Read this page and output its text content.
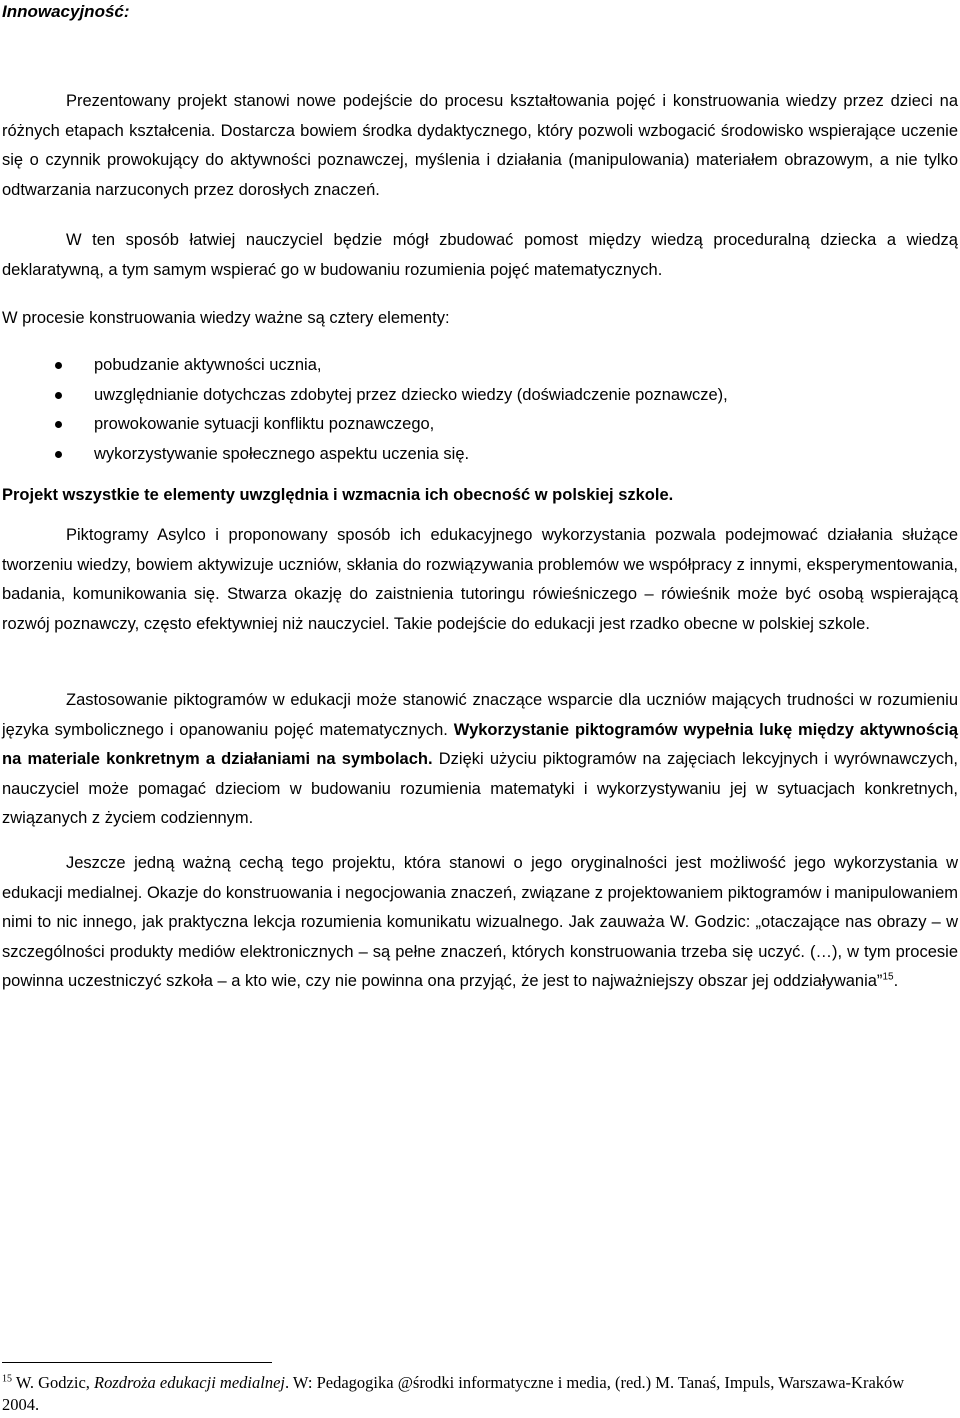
Innowacyjność:

Prezentowany projekt stanowi nowe podejście do procesu kształtowania pojęć i konstruowania wiedzy przez dzieci na różnych etapach kształcenia. Dostarcza bowiem środka dydaktycznego, który pozwoli wzbogacić środowisko wspierające uczenie się o czynnik prowokujący do aktywności poznawczej, myślenia i działania (manipulowania) materiałem obrazowym, a nie tylko odtwarzania narzuconych przez dorosłych znaczeń.

W ten sposób łatwiej nauczyciel będzie mógł zbudować pomost między wiedzą proceduralną dziecka a wiedzą deklaratywną, a tym samym wspierać go w budowaniu rozumienia pojęć matematycznych.

W procesie konstruowania wiedzy ważne są cztery elementy:

pobudzanie aktywności ucznia,
uwzględnianie dotychczas zdobytej przez dziecko wiedzy (doświadczenie poznawcze),
prowokowanie sytuacji konfliktu poznawczego,
wykorzystywanie społecznego aspektu uczenia się.

Projekt wszystkie te elementy uwzględnia i wzmacnia ich obecność w polskiej szkole.

Piktogramy Asylco i proponowany sposób ich edukacyjnego wykorzystania pozwala podejmować działania służące tworzeniu wiedzy, bowiem aktywizuje uczniów, skłania do rozwiązywania problemów we współpracy z innymi, eksperymentowania, badania, komunikowania się. Stwarza okazję do zaistnienia tutoringu rówieśniczego – rówieśnik może być osobą wspierającą rozwój poznawczy, często efektywniej niż nauczyciel. Takie podejście do edukacji jest rzadko obecne w polskiej szkole.

Zastosowanie piktogramów w edukacji może stanowić znaczące wsparcie dla uczniów mających trudności w rozumieniu języka symbolicznego i opanowaniu pojęć matematycznych. Wykorzystanie piktogramów wypełnia lukę między aktywnością na materiale konkretnym a działaniami na symbolach. Dzięki użyciu piktogramów na zajęciach lekcyjnych i wyrównawczych, nauczyciel może pomagać dzieciom w budowaniu rozumienia matematyki i wykorzystywaniu jej w sytuacjach konkretnych, związanych z życiem codziennym.

Jeszcze jedną ważną cechą tego projektu, która stanowi o jego oryginalności jest możliwość jego wykorzystania w edukacji medialnej. Okazje do konstruowania i negocjowania znaczeń, związane z projektowaniem piktogramów i manipulowaniem nimi to nic innego, jak praktyczna lekcja rozumienia komunikatu wizualnego. Jak zauważa W. Godzic: „otaczające nas obrazy – w szczególności produkty mediów elektronicznych – są pełne znaczeń, których konstruowania trzeba się uczyć. (…), w tym procesie powinna uczestniczyć szkoła – a kto wie, czy nie powinna ona przyjąć, że jest to najważniejszy obszar jej oddziaływania”$^{15}$.

$^{15}$ W. Godzic, Rozdroża edukacji medialnej. W: Pedagogika @środki informatyczne i media, (red.) M. Tanaś, Impuls, Warszawa-Kraków 2004.
